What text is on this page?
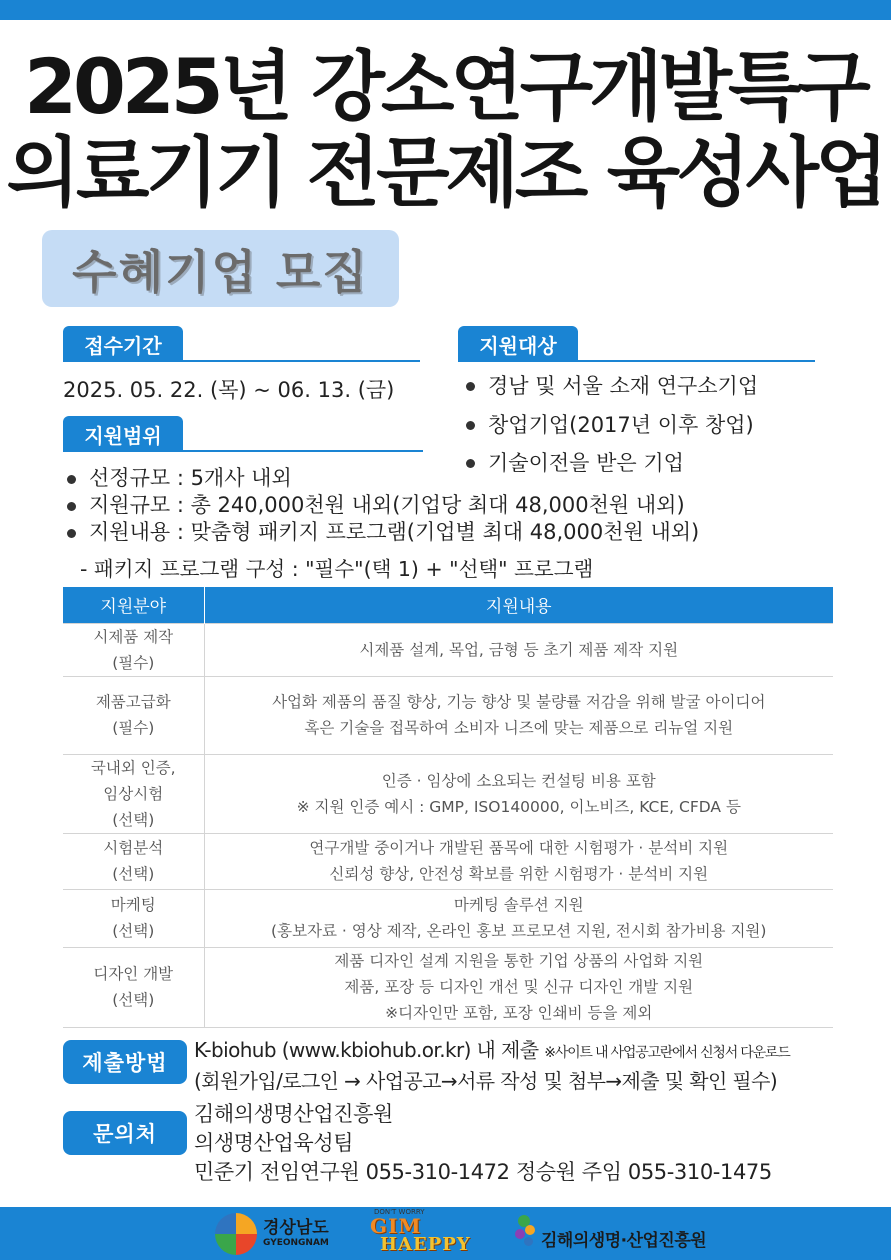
2025년 강소연구개발특구
의료기기 전문제조 육성사업
수혜기업 모집
접수기간
2025. 05. 22. (목) ~ 06. 13. (금)
지원대상
경남 및 서울 소재 연구소기업
창업기업(2017년 이후 창업)
기술이전을 받은 기업
지원범위
선정규모 : 5개사 내외
지원규모 : 총 240,000천원 내외(기업당 최대 48,000천원 내외)
지원내용 : 맞춤형 패키지 프로그램(기업별 최대 48,000천원 내외)
- 패키지 프로그램 구성 : "필수"(택 1) + "선택" 프로그램
지원분야	지원내용

시제품 제작
(필수)	시제품 설계, 목업, 금형 등 초기 제품 제작 지원

제품고급화
(필수)	사업화 제품의 품질 향상, 기능 향상 및 불량률 저감을 위해 발굴 아이디어
혹은 기술을 접목하여 소비자 니즈에 맞는 제품으로 리뉴얼 지원

국내외 인증,
임상시험
(선택)	인증 · 임상에 소요되는 컨설팅 비용 포함
※ 지원 인증 예시 : GMP, ISO140000, 이노비즈, KCE, CFDA 등

시험분석
(선택)	연구개발 중이거나 개발된 품목에 대한 시험평가 · 분석비 지원
신뢰성 향상, 안전성 확보를 위한 시험평가 · 분석비 지원

마케팅
(선택)	마케팅 솔루션 지원
(홍보자료 · 영상 제작, 온라인 홍보 프로모션 지원, 전시회 참가비용 지원)

디자인 개발
(선택)	제품 디자인 설계 지원을 통한 기업 상품의 사업화 지원
제품, 포장 등 디자인 개선 및 신규 디자인 개발 지원
※디자인만 포함, 포장 인쇄비 등을 제외
제출방법
K-biohub (www.kbiohub.or.kr) 내 제출 ※사이트 내 사업공고란에서 신청서 다운로드
(회원가입/로그인 → 사업공고→서류 작성 및 첨부→제출 및 확인 필수)
문의처
김해의생명산업진흥원
의생명산업육성팀
민준기 전임연구원 055-310-1472 정승원 주임 055-310-1475
경상남도
GYEONGNAM
DON'T WORRY
GIM
HAEPPY	김해의생명·산업진흥원
